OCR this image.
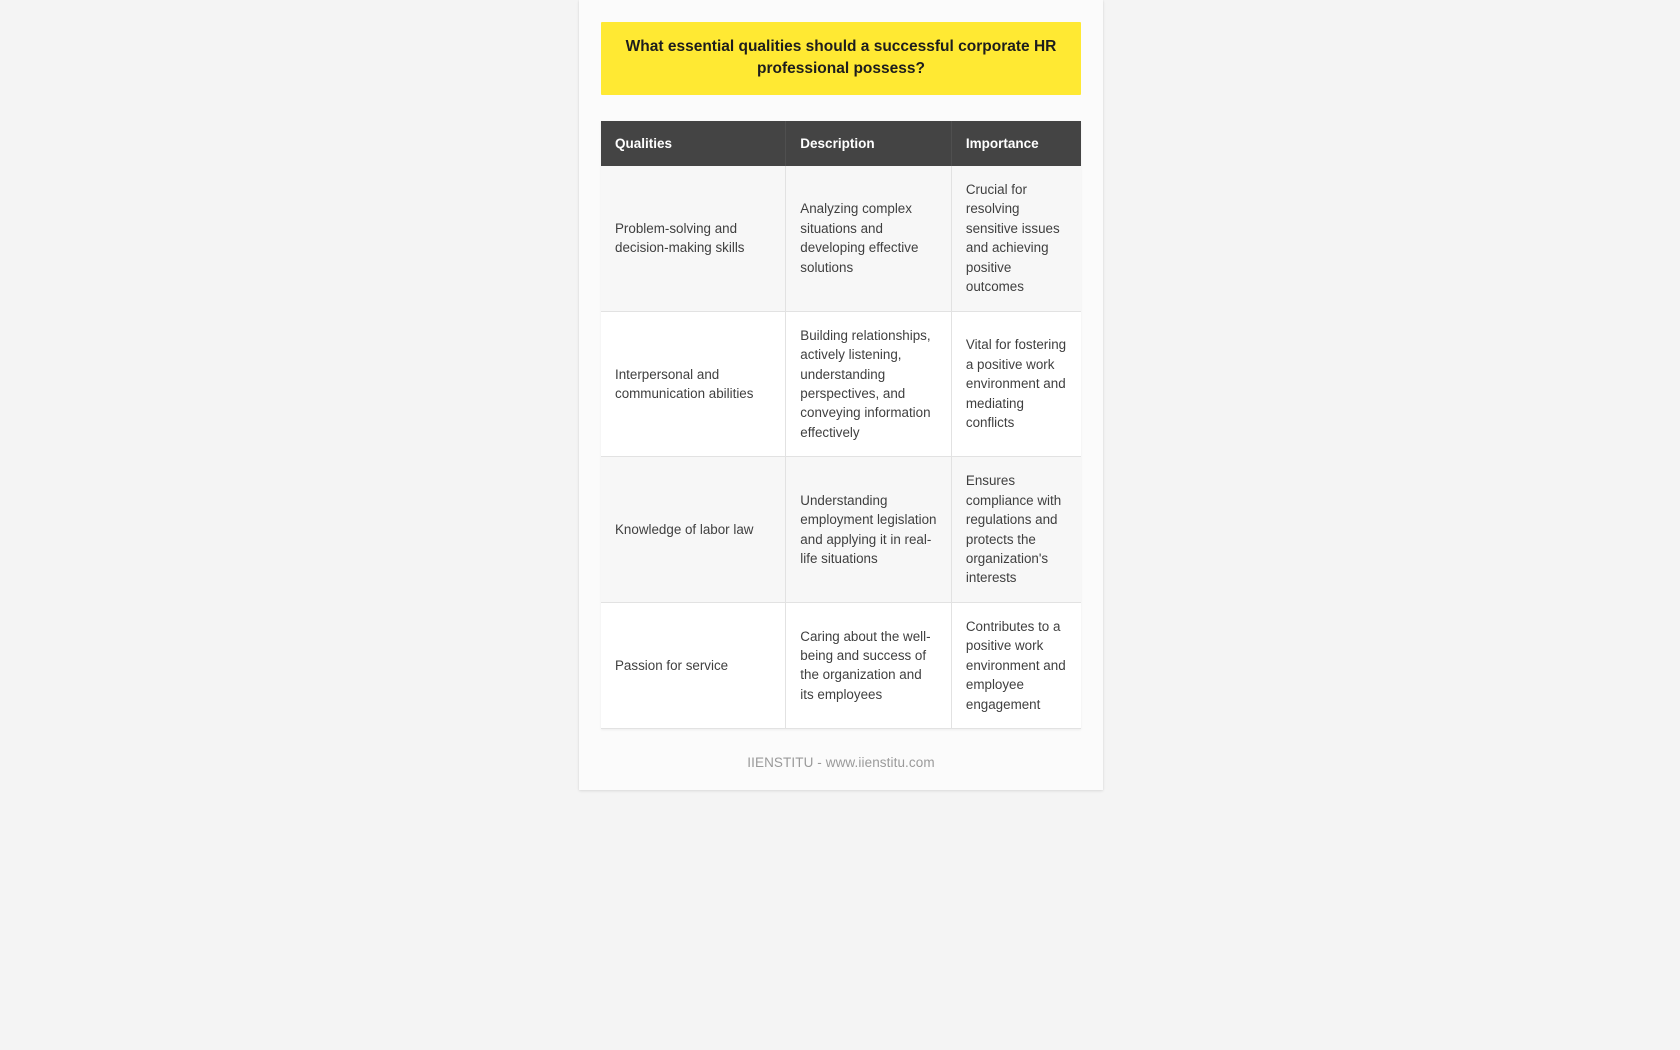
What essential qualities should a successful corporate HR professional possess?
Qualities	Description	Importance
Problem-solving and decision-making skills	Analyzing complex situations and developing effective solutions	Crucial for resolving sensitive issues and achieving positive outcomes
Interpersonal and communication abilities	Building relationships, actively listening, understanding perspectives, and conveying information effectively	Vital for fostering a positive work environment and mediating conflicts
Knowledge of labor law	Understanding employment legislation and applying it in real-life situations	Ensures compliance with regulations and protects the organization's interests
Passion for service	Caring about the well-being and success of the organization and its employees	Contributes to a positive work environment and employee engagement
IIENSTITU - www.iienstitu.com
